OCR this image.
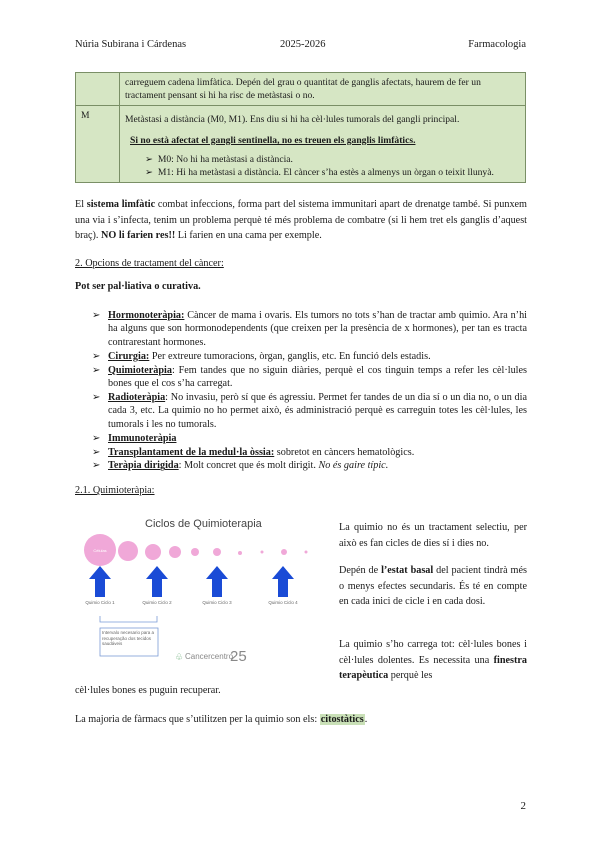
Núria Subirana i Cárdenas	2025-2026	Farmacologia
	carreguem cadena limfàtica. Depén del grau o quantitat de ganglis afectats, haurem de fer un tractament pensant si hi ha risc de metàstasi o no.
M	Metàstasi a distància (M0, M1). Ens diu si hi ha cèl·lules tumorals del gangli principal.
Si no està afectat el gangli sentinella, no es treuen els ganglis limfàtics.
➢  M0: No hi ha metàstasi a distància.
➢  M1: Hi ha metàstasi a distància. El càncer s’ha estès a almenys un òrgan o teixit llunyà.
El sistema limfàtic combat infeccions, forma part del sistema immunitari apart de drenatge també. Si punxem una via i s’infecta, tenim un problema perquè té més problema de combatre (si li hem tret els ganglis d’aquest braç). NO li farien res!! Li farien en una cama per exemple.
2. Opcions de tractament del càncer:
Pot ser pal·liativa o curativa.
➢ Hormonoteràpia: Càncer de mama i ovaris. Els tumors no tots s’han de tractar amb quimio. Ara n’hi ha alguns que son hormonodependents (que creixen per la presència de x hormones), per tan es tracta contrarestant hormones.
➢ Cirurgia: Per extreure tumoracions, òrgan, ganglis, etc. En funció dels estadis.
➢ Quimioteràpia: Fem tandes que no siguin diàries, perquè el cos tinguin temps a refer les cèl·lules bones que el cos s’ha carregat.
➢ Radioteràpia: No invasiu, però sí que és agressiu. Permet fer tandes de un dia sí o un dia no, o un dia cada 3, etc. La quimio no ho permet això, és administració perquè es carreguin totes les cèl·lules, les tumorals i les no tumorals.
➢ Immunoteràpia
➢ Transplantament de la medul·la òssia: sobretot en càncers hematològics.
➢ Teràpia dirigida: Molt concret que és molt dirigit. No és gaire típic.
2.1. Quimioteràpia:
Ciclos de Quimioterapia
Células
Quimio Ciclo 1	Quimio Ciclo 2	Quimio Ciclo 3	Quimio Ciclo 4
Intervalo necesario para a recuperação dos tecidos saudáveis
♧ Cancercentro
25
La quimio no és un tractament selectiu, per això es fan cicles de dies sí i dies no.
Depén de l’estat basal del pacient tindrà més o menys efectes secundaris. És té en compte en cada inici de cicle i en cada dosi.
La quimio s’ho carrega tot: cèl·lules bones i cèl·lules dolentes. Es necessita una finestra terapèutica perquè les
cèl·lules bones es puguin recuperar.
La majoria de fàrmacs que s’utilitzen per la quimio son els: citostàtics.
2
